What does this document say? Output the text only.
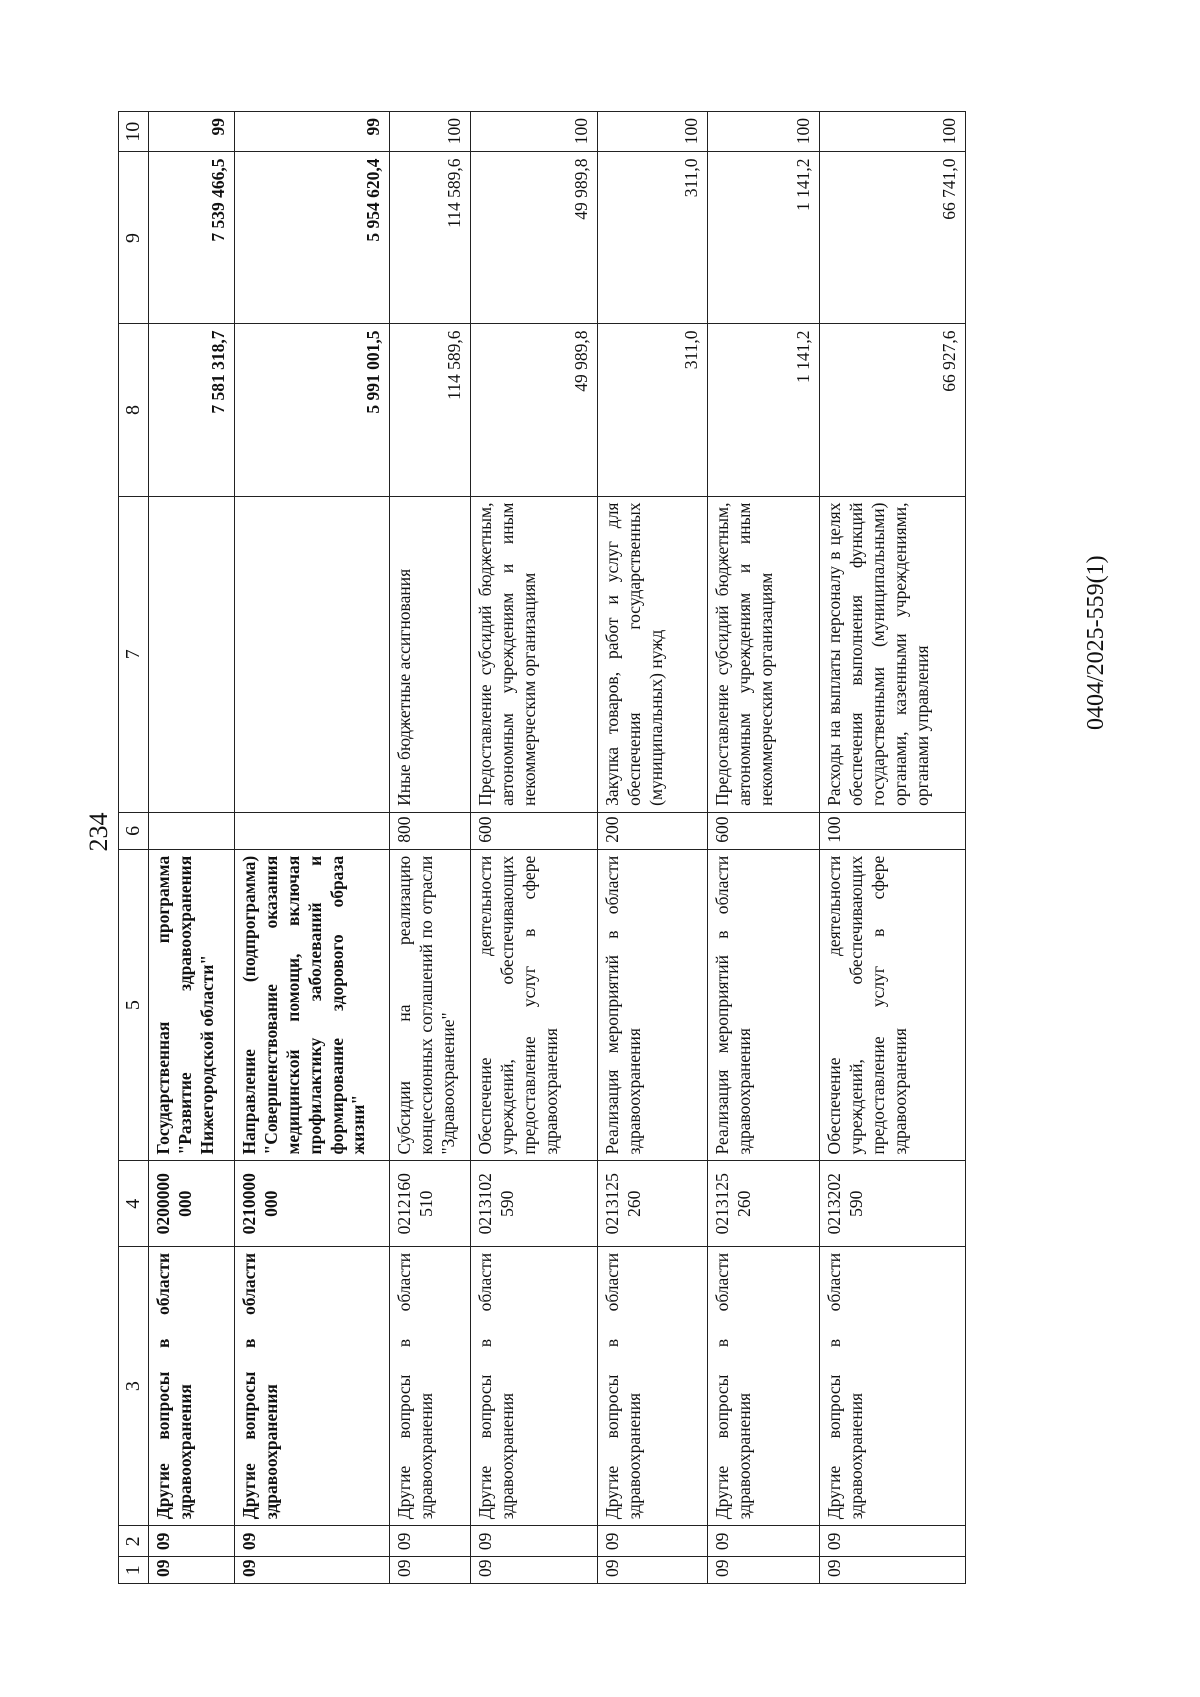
234
1	2	3	4	5	6	7	8	9	10
09	09	Другие вопросы в области здравоохранения	0200000 000	Государственная программа "Развитие здравоохранения Нижегородской области"			7 581 318,7	7 539 466,5	99
09	09	Другие вопросы в области здравоохранения	0210000 000	Направление (подпрограмма) "Совершенствование оказания медицинской помощи, включая профилактику заболеваний и формирование здорового образа жизни"			5 991 001,5	5 954 620,4	99
09	09	Другие вопросы в области здравоохранения	0212160 510	Субсидии на реализацию концессионных соглашений по отрасли "Здравоохранение"	800	Иные бюджетные ассигнования	114 589,6	114 589,6	100
09	09	Другие вопросы в области здравоохранения	0213102 590	Обеспечение деятельности учреждений, обеспечивающих предоставление услуг в сфере здравоохранения	600	Предоставление субсидий бюджетным, автономным учреждениям и иным некоммерческим организациям	49 989,8	49 989,8	100
09	09	Другие вопросы в области здравоохранения	0213125 260	Реализация мероприятий в области здравоохранения	200	Закупка товаров, работ и услуг для обеспечения государственных (муниципальных) нужд	311,0	311,0	100
09	09	Другие вопросы в области здравоохранения	0213125 260	Реализация мероприятий в области здравоохранения	600	Предоставление субсидий бюджетным, автономным учреждениям и иным некоммерческим организациям	1 141,2	1 141,2	100
09	09	Другие вопросы в области здравоохранения	0213202 590	Обеспечение деятельности учреждений, обеспечивающих предоставление услуг в сфере здравоохранения	100	Расходы на выплаты персоналу в целях обеспечения выполнения функций государственными (муниципальными) органами, казенными учреждениями, органами управления	66 927,6	66 741,0	100
0404/2025-559(1)
